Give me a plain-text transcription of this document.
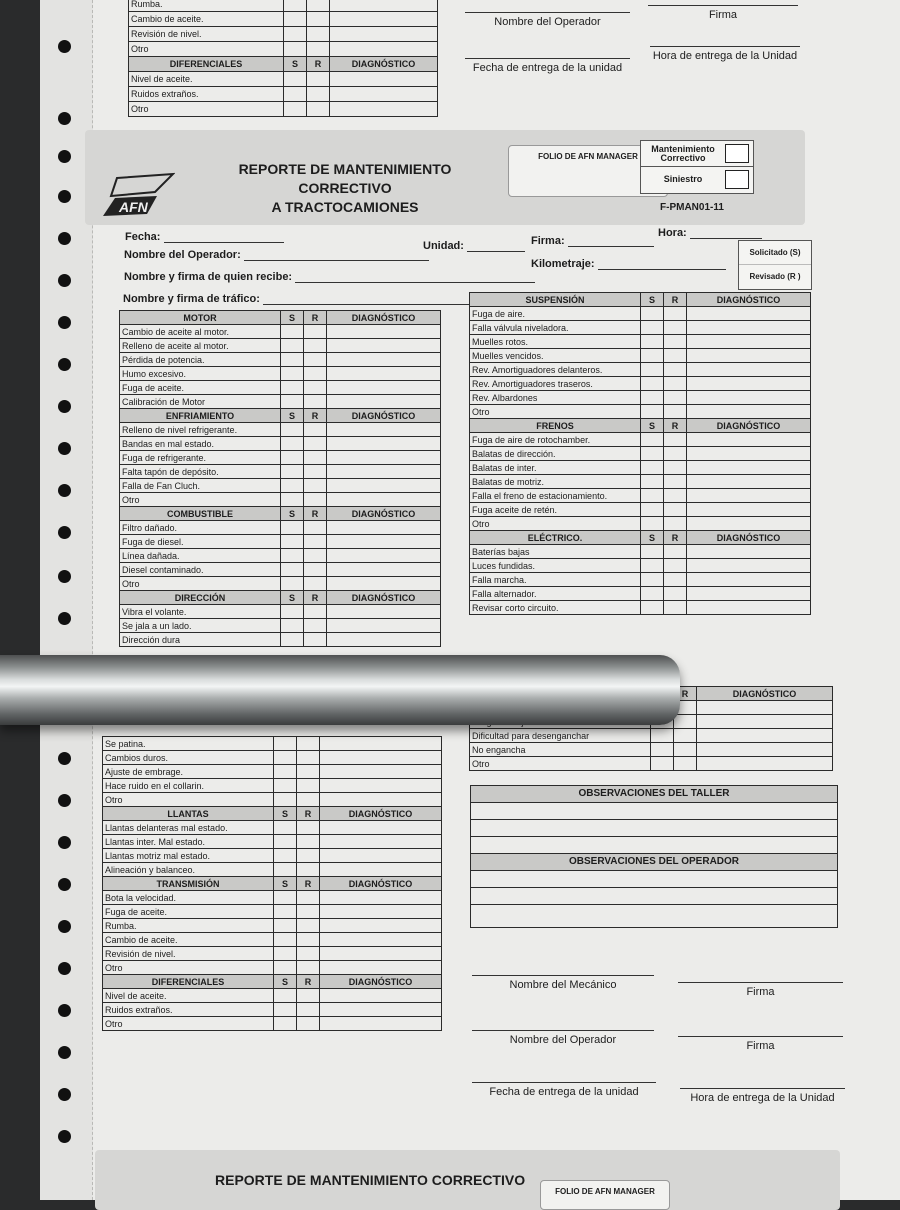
Rumba.			
Cambio de aceite.			
Revisión de nivel.			
Otro			
DIFERENCIALES	S	R	DIAGNÓSTICO
Nivel de aceite.			
Ruidos extraños.			
Otro			
Nombre del Operador
Firma
Fecha de entrega de la unidad
Hora de entrega de la Unidad
AFN
REPORTE DE MANTENIMIENTO CORRECTIVO
A TRACTOCAMIONES
FOLIO DE AFN MANAGER
Mantenimiento
Correctivo
Siniestro
F-PMAN01-11
Fecha:	Hora:
Nombre del Operador:
Unidad:	Firma:
Nombre y firma de quien recibe:
Kilometraje:
Nombre y firma de tráfico:
Solicitado (S)
Revisado (R )
MOTOR	S	R	DIAGNÓSTICO
Cambio de aceite al motor.			
Relleno de aceite al motor.			
Pérdida de potencia.			
Humo excesivo.			
Fuga de aceite.			
Calibración de Motor			
ENFRIAMIENTO	S	R	DIAGNÓSTICO
Relleno de nivel refrigerante.			
Bandas en mal estado.			
Fuga de refrigerante.			
Falta tapón de depósito.			
Falla de Fan Cluch.			
Otro			
COMBUSTIBLE	S	R	DIAGNÓSTICO
Filtro dañado.			
Fuga de diesel.			
Línea dañada.			
Diesel contaminado.			
Otro			
DIRECCIÓN	S	R	DIAGNÓSTICO
Vibra el volante.			
Se jala a un lado.			
Dirección dura			
Se patina.			
Cambios duros.			
Ajuste de embrage.			
Hace ruido en el collarin.			
Otro			
LLANTAS	S	R	DIAGNÓSTICO
Llantas delanteras mal estado.			
Llantas inter. Mal estado.			
Llantas motriz mal estado.			
Alineación y balanceo.			
TRANSMISIÓN	S	R	DIAGNÓSTICO
Bota la velocidad.			
Fuga de aceite.			
Rumba.			
Cambio de aceite.			
Revisión de nivel.			
Otro			
DIFERENCIALES	S	R	DIAGNÓSTICO
Nivel de aceite.			
Ruidos extraños.			
Otro			
SUSPENSIÓN	S	R	DIAGNÓSTICO
Fuga de aire.			
Falla válvula niveladora.			
Muelles rotos.			
Muelles vencidos.			
Rev. Amortiguadores delanteros.			
Rev. Amortiguadores traseros.			
Rev. Albardones			
Otro			
FRENOS	S	R	DIAGNÓSTICO
Fuga de aire de rotochamber.			
Balatas de dirección.			
Balatas de inter.			
Balatas de motriz.			
Falla el freno de estacionamiento.			
Fuga aceite de retén.			
Otro			
ELÉCTRICO.	S	R	DIAGNÓSTICO
Baterías bajas			
Luces fundidas.			
Falla marcha.			
Falla alternador.			
Revisar corto circuito.			
		R	DIAGNÓSTICO

Dificultad para desenganchar			
No engancha			
Otro			
OBSERVACIONES DEL TALLER
OBSERVACIONES DEL OPERADOR
Nombre del Mecánico
Firma
Nombre del Operador	Firma
Fecha de entrega de la unidad	Hora de entrega de la Unidad
REPORTE DE MANTENIMIENTO CORRECTIVO
FOLIO DE AFN MANAGER
